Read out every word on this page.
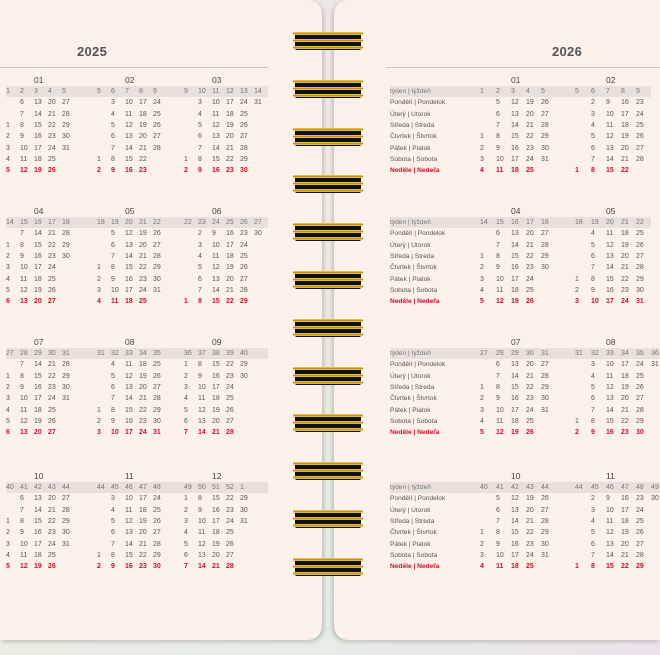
2025
		01						02						03			
1	2	3	4	5		5	6	7	8	9		9	10	11	12	13	14
	6	13	20	27			3	10	17	24			3	10	17	24	31
	7	14	21	28			4	11	18	25			4	11	18	25	
1	8	15	22	29			5	12	19	26			5	12	19	26	
2	9	16	23	30			6	13	20	27			6	13	20	27	
3	10	17	24	31			7	14	21	28			7	14	21	28	
4	11	18	25			1	8	15	22			1	8	15	22	29	
5	12	19	26			2	9	16	23			2	9	16	23	30	
		04						05						06			
14	15	16	17	18		18	19	20	21	22		22	23	24	25	26	27
	7	14	21	28			5	12	19	26			2	9	16	23	30
1	8	15	22	29			6	13	20	27			3	10	17	24	
2	9	16	23	30			7	14	21	28			4	11	18	25	
3	10	17	24			1	8	15	22	29			5	12	19	26	
4	11	18	25			2	9	16	23	30			6	13	20	27	
5	12	19	26			3	10	17	24	31			7	14	21	28	
6	13	20	27			4	11	18	25			1	8	15	22	29	
		07						08						09			
27	28	29	30	31		31	32	33	34	35		36	37	38	39	40	
	7	14	21	28			4	11	18	25		1	8	15	22	29	
1	8	15	22	29			5	12	19	26		2	9	16	23	30	
2	9	16	23	30			6	13	20	27		3	10	17	24		
3	10	17	24	31			7	14	21	28		4	11	18	25		
4	11	18	25			1	8	15	22	29		5	12	19	26		
5	12	19	26			2	9	16	23	30		6	13	20	27		
6	13	20	27			3	10	17	24	31		7	14	21	28		
		10						11						12			
40	41	42	43	44		44	45	46	47	48		49	50	51	52	1	
	6	13	20	27			3	10	17	24		1	8	15	22	29	
	7	14	21	28			4	11	18	25		2	9	16	23	30	
1	8	15	22	29			5	12	19	26		3	10	17	24	31	
2	9	16	23	30			6	13	20	27		4	11	18	25		
3	10	17	24	31			7	14	21	28		5	12	19	26		
4	11	18	25			1	8	15	22	29		6	13	20	27		
5	12	19	26			2	9	16	23	30		7	14	21	28		
2026
			01						02		
týden | týždeň	1	2	3	4	5		5	6	7	8	9
Pondělí | Pondelok		5	12	19	26			2	9	16	23
Úterý | Utorok		6	13	20	27			3	10	17	24
Středa | Streda		7	14	21	28			4	11	18	25
Čtvrtek | Štvrtok	1	8	15	22	29			5	12	19	26
Pátek | Piatok	2	9	16	23	30			6	13	20	27
Sobota | Sobota	3	10	17	24	31			7	14	21	28
Neděle | Nedeľa	4	11	18	25			1	8	15	22	
			04						05		
týden | týždeň	14	15	16	17	18		18	19	20	21	22
Pondělí | Pondelok		6	13	20	27			4	11	18	25
Úterý | Utorok		7	14	21	28			5	12	19	26
Středa | Streda	1	8	15	22	29			6	13	20	27
Čtvrtek | Štvrtok	2	9	16	23	30			7	14	21	28
Pátek | Piatok	3	10	17	24			1	8	15	22	29
Sobota | Sobota	4	11	18	25			2	9	16	23	30
Neděle | Nedeľa	5	12	19	26			3	10	17	24	31
			07						08			
týden | týždeň	27	28	29	30	31		31	32	33	34	35	36
Pondělí | Pondelok		6	13	20	27			3	10	17	24	31
Úterý | Utorok		7	14	21	28			4	11	18	25	
Středa | Streda	1	8	15	22	29			5	12	19	26	
Čtvrtek | Štvrtok	2	9	16	23	30			6	13	20	27	
Pátek | Piatok	3	10	17	24	31			7	14	21	28	
Sobota | Sobota	4	11	18	25			1	8	15	22	29	
Neděle | Nedeľa	5	12	19	26			2	9	16	23	30	
			10						11			
týden | týždeň	40	41	42	43	44		44	45	46	47	48	49
Pondělí | Pondelok		5	12	19	26			2	9	16	23	30
Úterý | Utorok		6	13	20	27			3	10	17	24	
Středa | Streda		7	14	21	28			4	11	18	25	
Čtvrtek | Štvrtok	1	8	15	22	29			5	12	19	26	
Pátek | Piatok	2	9	16	23	30			6	13	20	27	
Sobota | Sobota	3	10	17	24	31			7	14	21	28	
Neděle | Nedeľa	4	11	18	25			1	8	15	22	29	
